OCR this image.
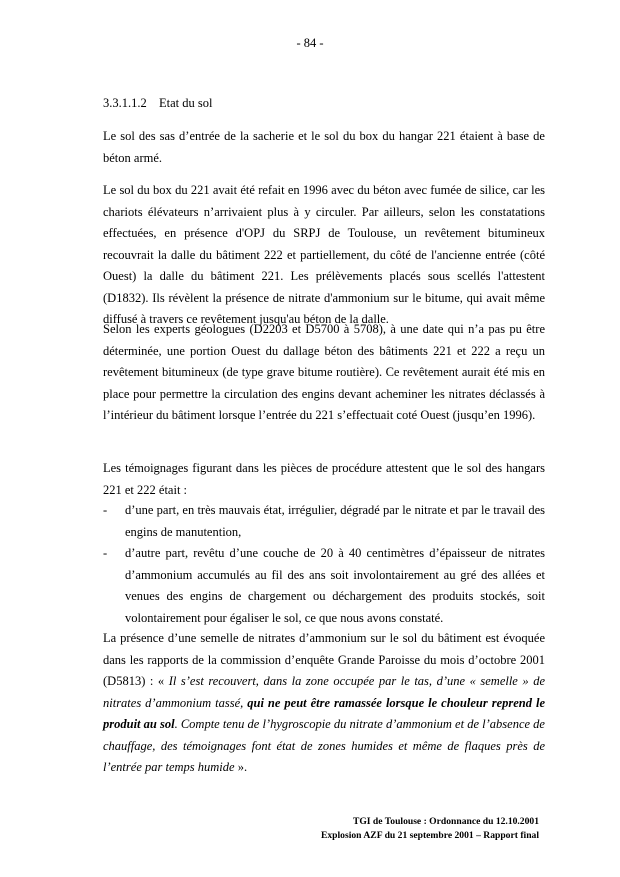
- 84 -
3.3.1.1.2 Etat du sol

Le sol des sas d’entrée de la sacherie et le sol du box du hangar 221 étaient à base de béton armé.

Le sol du box du 221 avait été refait en 1996 avec du béton avec fumée de silice, car les chariots élévateurs n’arrivaient plus à y circuler. Par ailleurs, selon les constatations effectuées, en présence d'OPJ du SRPJ de Toulouse, un revêtement bitumineux recouvrait la dalle du bâtiment 222 et partiellement, du côté de l'ancienne entrée (côté Ouest) la dalle du bâtiment 221. Les prélèvements placés sous scellés l'attestent (D1832). Ils révèlent la présence de nitrate d'ammonium sur le bitume, qui avait même diffusé à travers ce revêtement jusqu'au béton de la dalle.

Selon les experts géologues (D2203 et D5700 à 5708), à une date qui n’a pas pu être déterminée, une portion Ouest du dallage béton des bâtiments 221 et 222 a reçu un revêtement bitumineux (de type grave bitume routière). Ce revêtement aurait été mis en place pour permettre la circulation des engins devant acheminer les nitrates déclassés à l’intérieur du bâtiment lorsque l’entrée du 221 s’effectuait coté Ouest (jusqu’en 1996).

Les témoignages figurant dans les pièces de procédure attestent que le sol des hangars 221 et 222 était :

- d’une part, en très mauvais état, irrégulier, dégradé par le nitrate et par le travail des engins de manutention,
- d’autre part, revêtu d’une couche de 20 à 40 centimètres d’épaisseur de nitrates d’ammonium accumulés au fil des ans soit involontairement au gré des allées et venues des engins de chargement ou déchargement des produits stockés, soit volontairement pour égaliser le sol, ce que nous avons constaté.

La présence d’une semelle de nitrates d’ammonium sur le sol du bâtiment est évoquée dans les rapports de la commission d’enquête Grande Paroisse du mois d’octobre 2001 (D5813) : « Il s’est recouvert, dans la zone occupée par le tas, d’une « semelle » de nitrates d’ammonium tassé, qui ne peut être ramassée lorsque le chouleur reprend le produit au sol. Compte tenu de l’hygroscopie du nitrate d’ammonium et de l’absence de chauffage, des témoignages font état de zones humides et même de flaques près de l’entrée par temps humide ».

TGI de Toulouse : Ordonnance du 12.10.2001
Explosion AZF du 21 septembre 2001 – Rapport final
